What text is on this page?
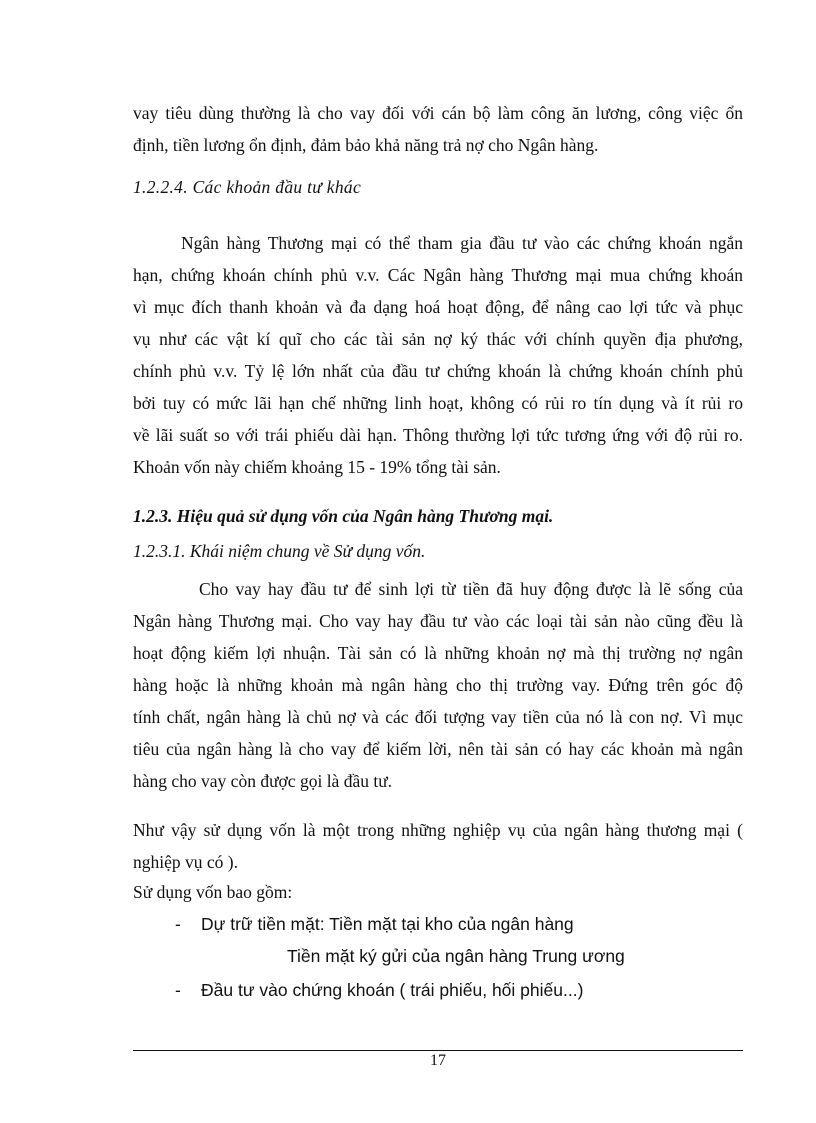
vay tiêu dùng thường là cho vay đối với cán bộ làm công ăn lương, công việc ổn
định, tiền lương ổn định, đảm bảo khả năng trả nợ cho Ngân hàng.
1.2.2.4. Các khoản đầu tư khác
Ngân hàng Thương mại có thể tham gia đầu tư vào các chứng khoán ngắn
hạn, chứng khoán chính phủ v.v. Các Ngân hàng Thương mại mua chứng khoán
vì mục đích thanh khoản và đa dạng hoá hoạt động, để nâng cao lợi tức và phục
vụ như các vật kí quĩ cho các tài sản nợ ký thác với chính quyền địa phương,
chính phủ v.v. Tỷ lệ lớn nhất của đầu tư chứng khoán là chứng khoán chính phủ
bởi tuy có mức lãi hạn chế những linh hoạt, không có rủi ro tín dụng và ít rủi ro
về lãi suất so với trái phiếu dài hạn. Thông thường lợi tức tương ứng với độ rủi ro.
Khoản vốn này chiếm khoảng 15 - 19% tổng tài sản.
1.2.3. Hiệu quả sử dụng vốn của Ngân hàng Thương mại.
1.2.3.1. Khái niệm chung về Sử dụng vốn.
Cho vay hay đầu tư để sinh lợi từ tiền đã huy động được là lẽ sống của
Ngân hàng Thương mại. Cho vay hay đầu tư vào các loại tài sản nào cũng đều là
hoạt động kiếm lợi nhuận. Tài sản có là những khoản nợ mà thị trường nợ ngân
hàng hoặc là những khoản mà ngân hàng cho thị trường vay. Đứng trên góc độ
tính chất, ngân hàng là chủ nợ và các đối tượng vay tiền của nó là con nợ. Vì mục
tiêu của ngân hàng là cho vay để kiếm lời, nên tài sản có hay các khoản mà ngân
hàng cho vay còn được gọi là đầu tư.
Như vậy sử dụng vốn là một trong những nghiệp vụ của ngân hàng thương mại (
nghiệp vụ có ).
Sử dụng vốn bao gồm:
- Dự trữ tiền mặt: Tiền mặt tại kho của ngân hàng
Tiền mặt ký gửi của ngân hàng Trung ương
- Đầu tư vào chứng khoán ( trái phiếu, hối phiếu...)
17
